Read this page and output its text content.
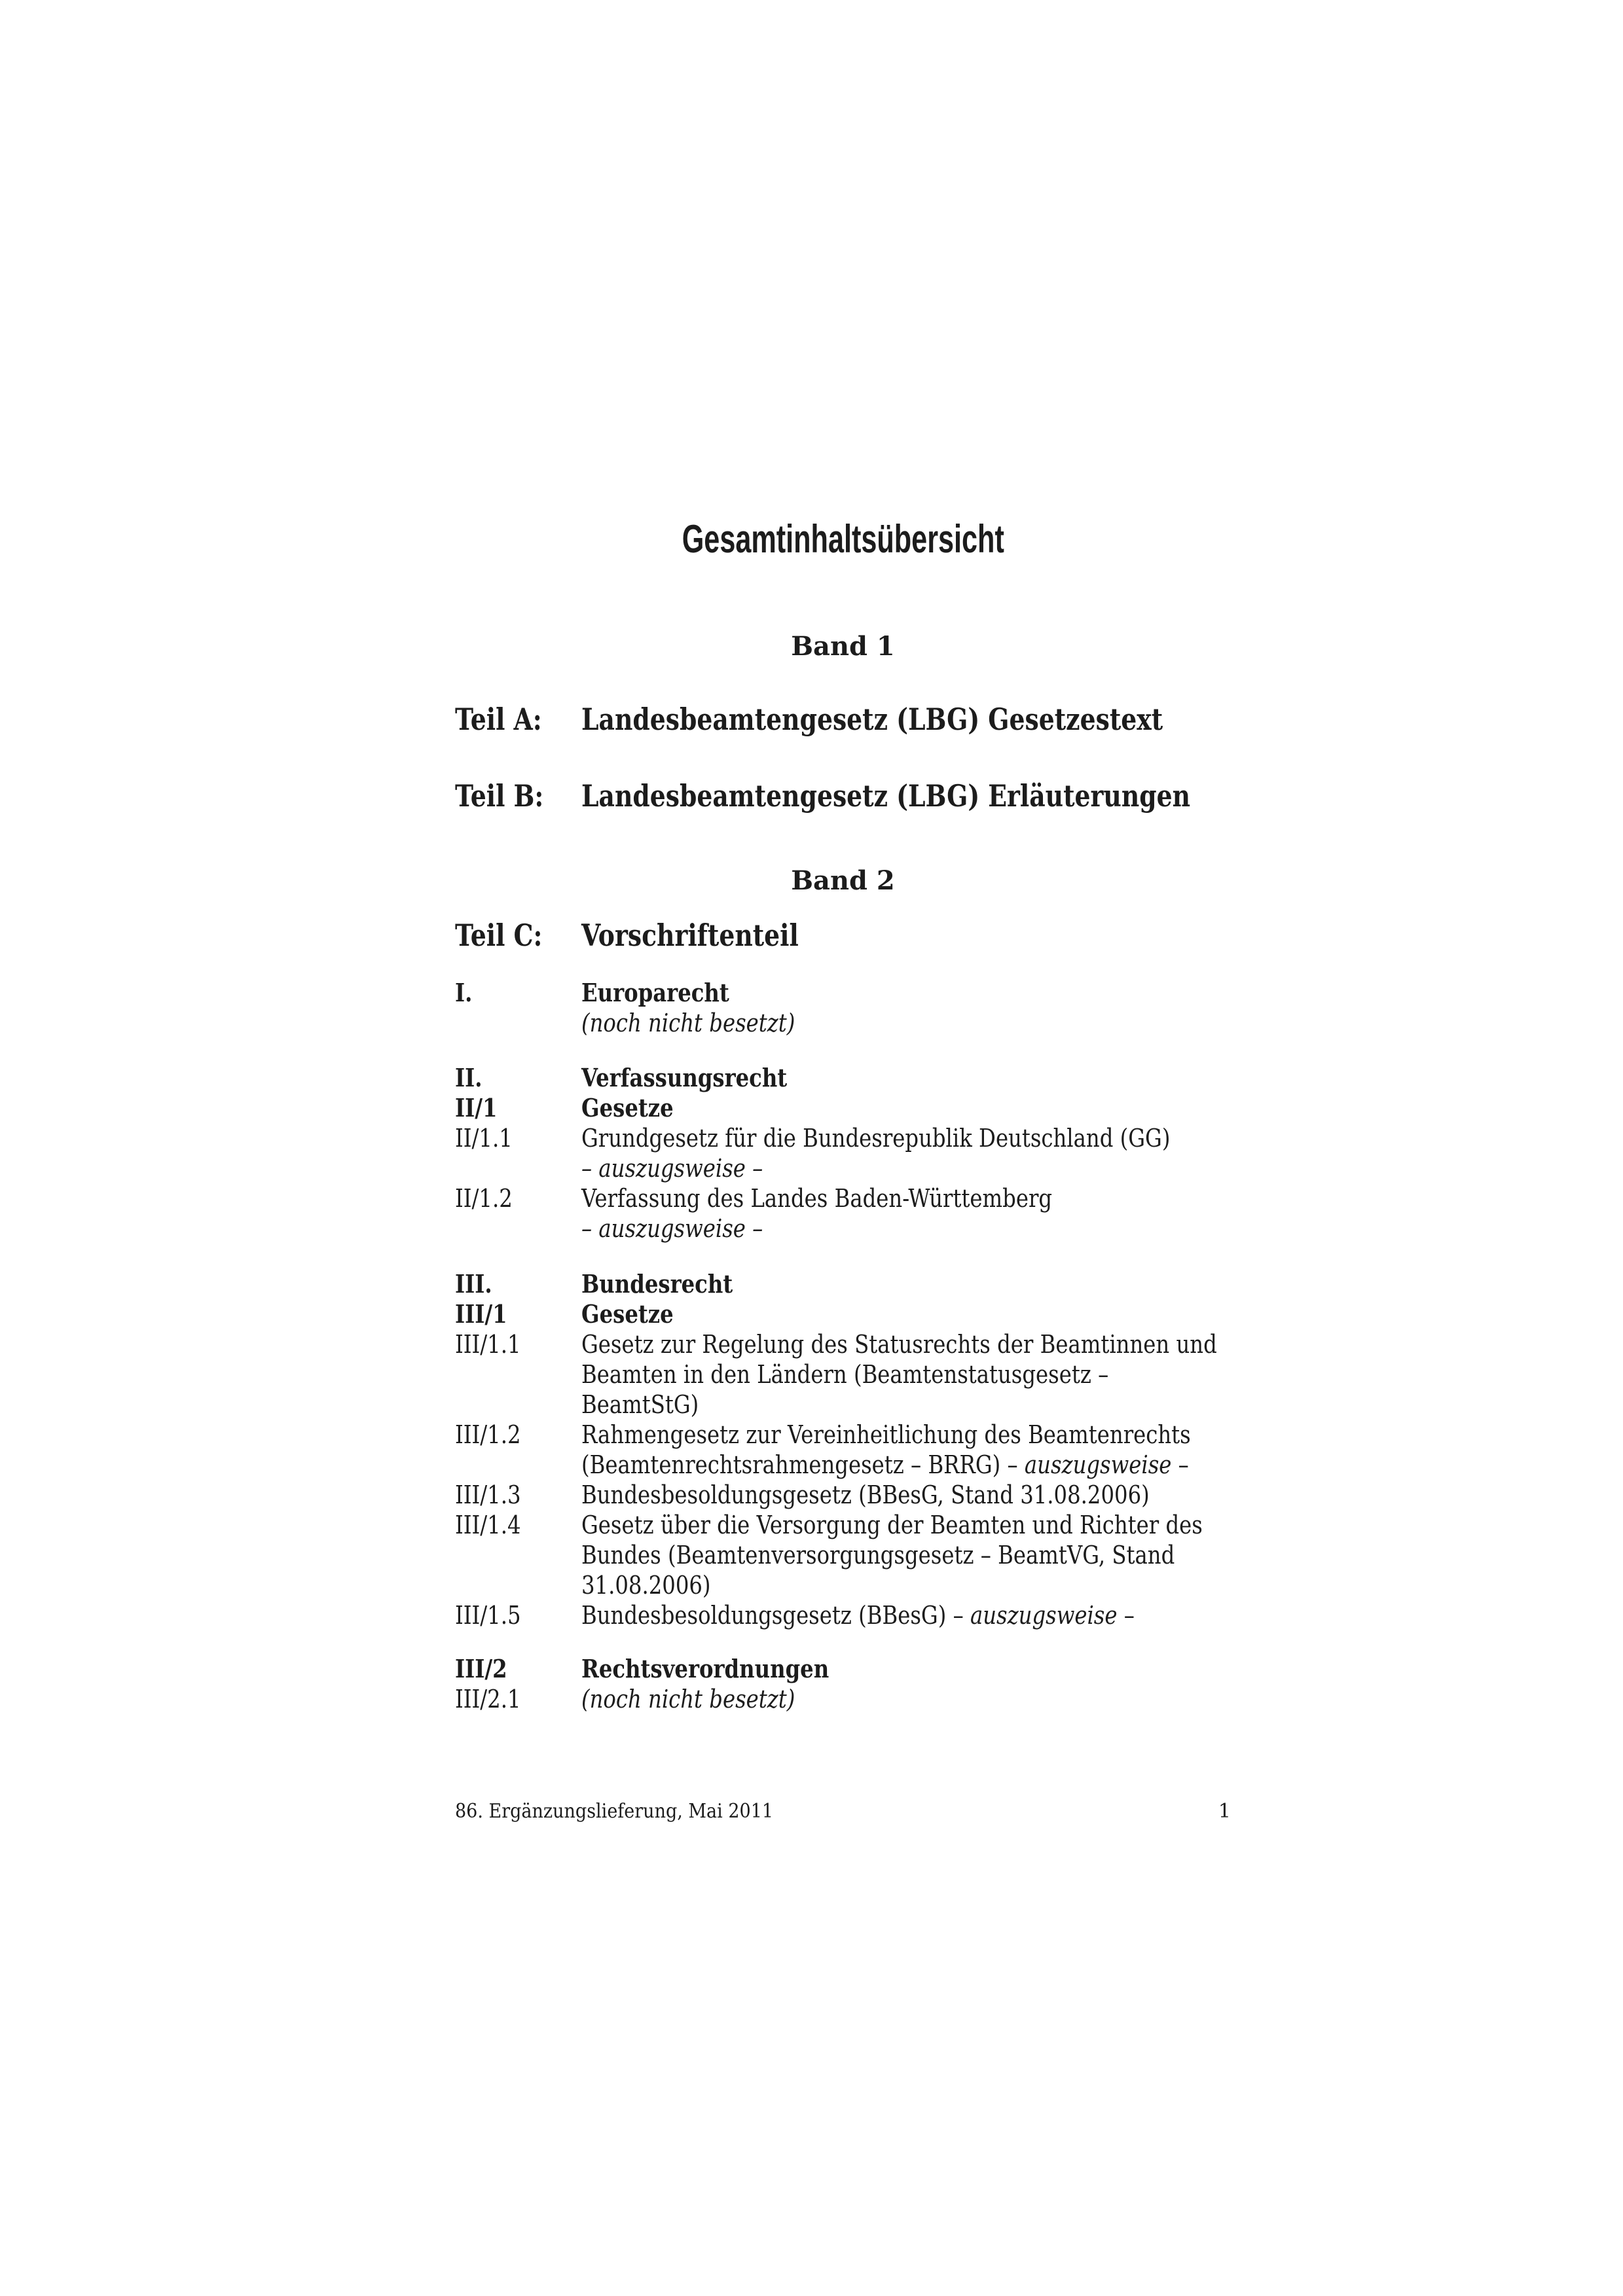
Gesamtinhaltsübersicht
Band 1
Teil A:	Landesbeamtengesetz (LBG) Gesetzestext
Teil B:	Landesbeamtengesetz (LBG) Erläuterungen
Band 2
Teil C:	Vorschriftenteil
I.	Europarecht
(noch nicht besetzt)
II.	Verfassungsrecht
II/1	Gesetze
II/1.1	Grundgesetz für die Bundesrepublik Deutschland (GG)
– auszugsweise –
II/1.2	Verfassung des Landes Baden-Württemberg
– auszugsweise –
III.	Bundesrecht
III/1	Gesetze
III/1.1	Gesetz zur Regelung des Statusrechts der Beamtinnen und
Beamten in den Ländern (Beamtenstatusgesetz –
BeamtStG)
III/1.2	Rahmengesetz zur Vereinheitlichung des Beamtenrechts
(Beamtenrechtsrahmengesetz – BRRG) – auszugsweise –
III/1.3	Bundesbesoldungsgesetz (BBesG, Stand 31.08.2006)
III/1.4	Gesetz über die Versorgung der Beamten und Richter des
Bundes (Beamtenversorgungsgesetz – BeamtVG, Stand
31.08.2006)
III/1.5	Bundesbesoldungsgesetz (BBesG) – auszugsweise –
III/2	Rechtsverordnungen
III/2.1	(noch nicht besetzt)
86. Ergänzungslieferung, Mai 2011	1
